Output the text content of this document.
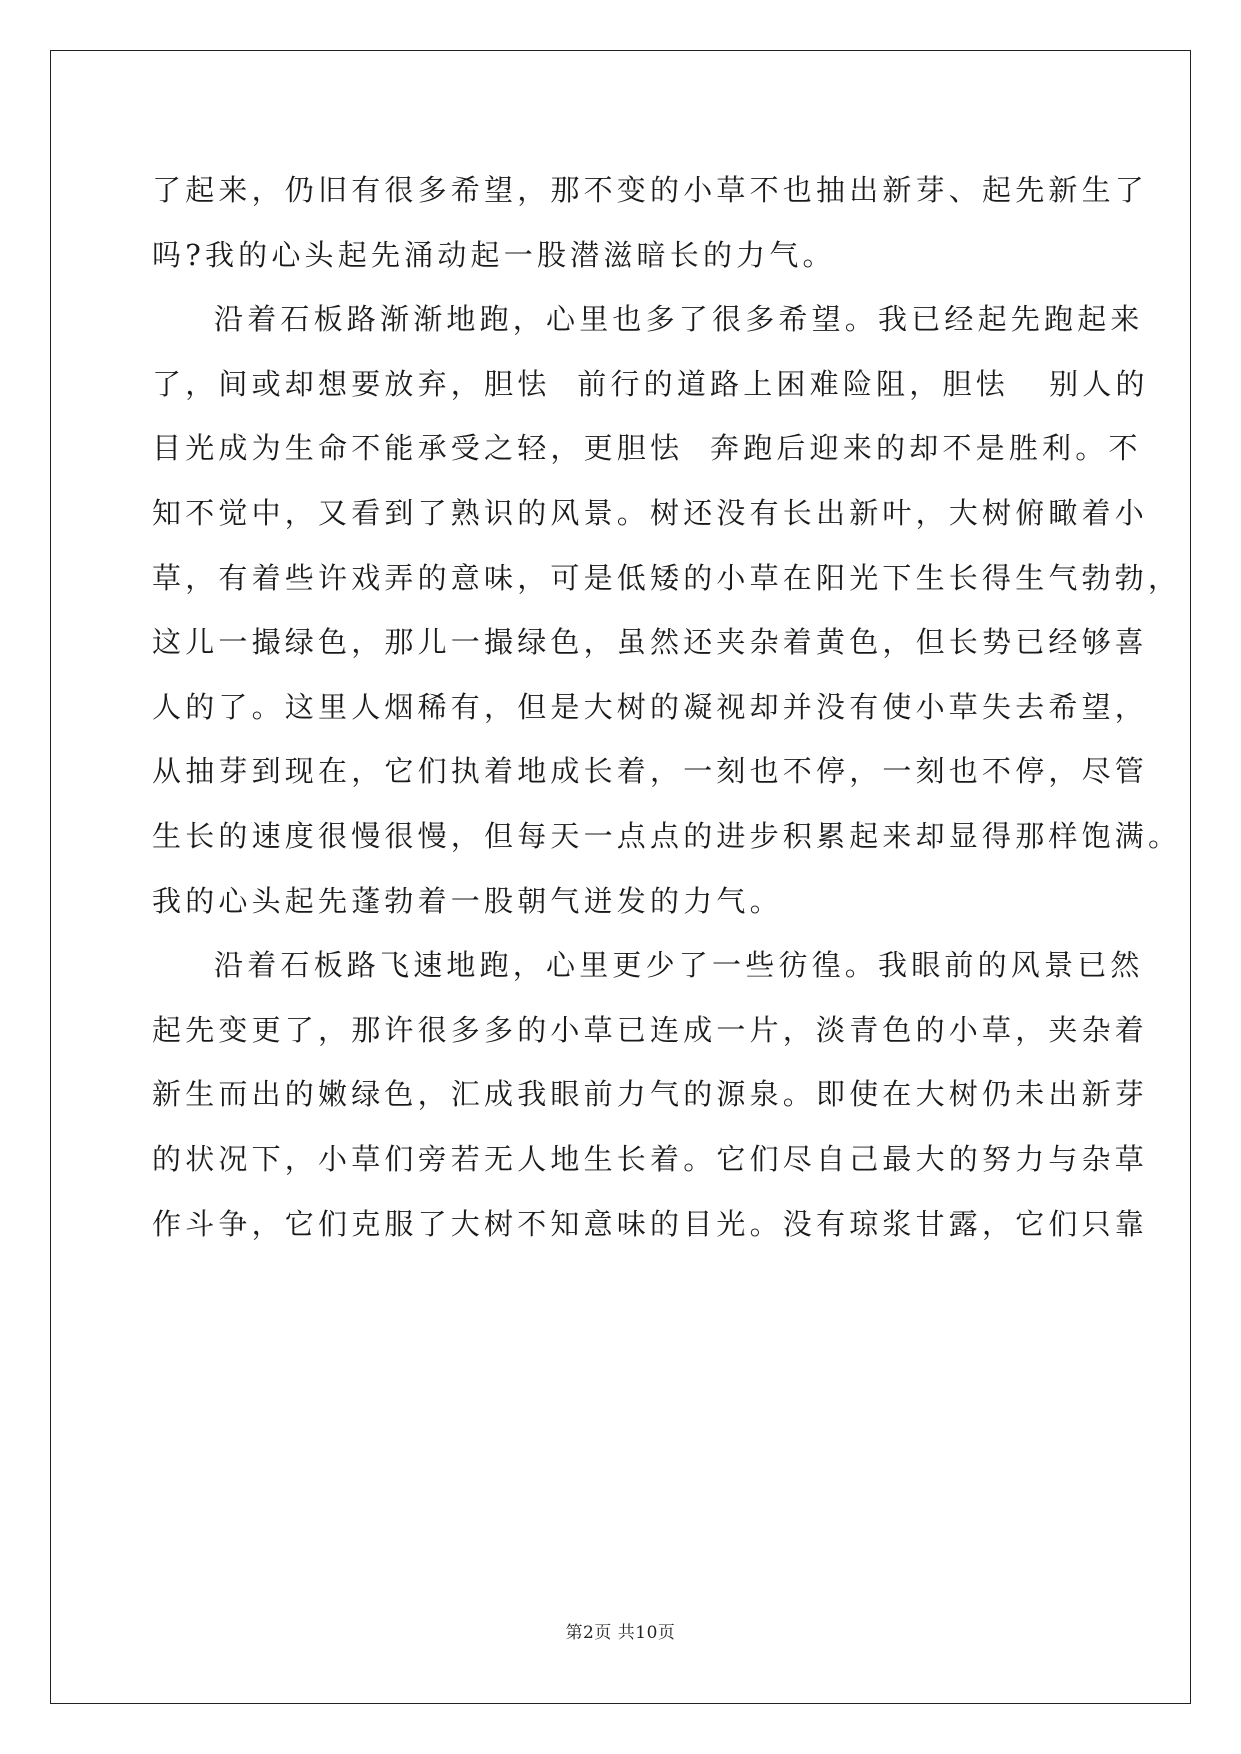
了起来，仍旧有很多希望，那不变的小草不也抽出新芽、起先新生了
吗?我的心头起先涌动起一股潜滋暗长的力气。
沿着石板路渐渐地跑，心里也多了很多希望。我已经起先跑起来
了，间或却想要放弃，胆怯  前行的道路上困难险阻，胆怯   别人的
目光成为生命不能承受之轻，更胆怯  奔跑后迎来的却不是胜利。不
知不觉中，又看到了熟识的风景。树还没有长出新叶，大树俯瞰着小
草，有着些许戏弄的意味，可是低矮的小草在阳光下生长得生气勃勃，
这儿一撮绿色，那儿一撮绿色，虽然还夹杂着黄色，但长势已经够喜
人的了。这里人烟稀有，但是大树的凝视却并没有使小草失去希望，
从抽芽到现在，它们执着地成长着，一刻也不停，一刻也不停，尽管
生长的速度很慢很慢，但每天一点点的进步积累起来却显得那样饱满。
我的心头起先蓬勃着一股朝气迸发的力气。
沿着石板路飞速地跑，心里更少了一些彷徨。我眼前的风景已然
起先变更了，那许很多多的小草已连成一片，淡青色的小草，夹杂着
新生而出的嫩绿色，汇成我眼前力气的源泉。即使在大树仍未出新芽
的状况下，小草们旁若无人地生长着。它们尽自己最大的努力与杂草
作斗争，它们克服了大树不知意味的目光。没有琼浆甘露，它们只靠
第2页 共10页
